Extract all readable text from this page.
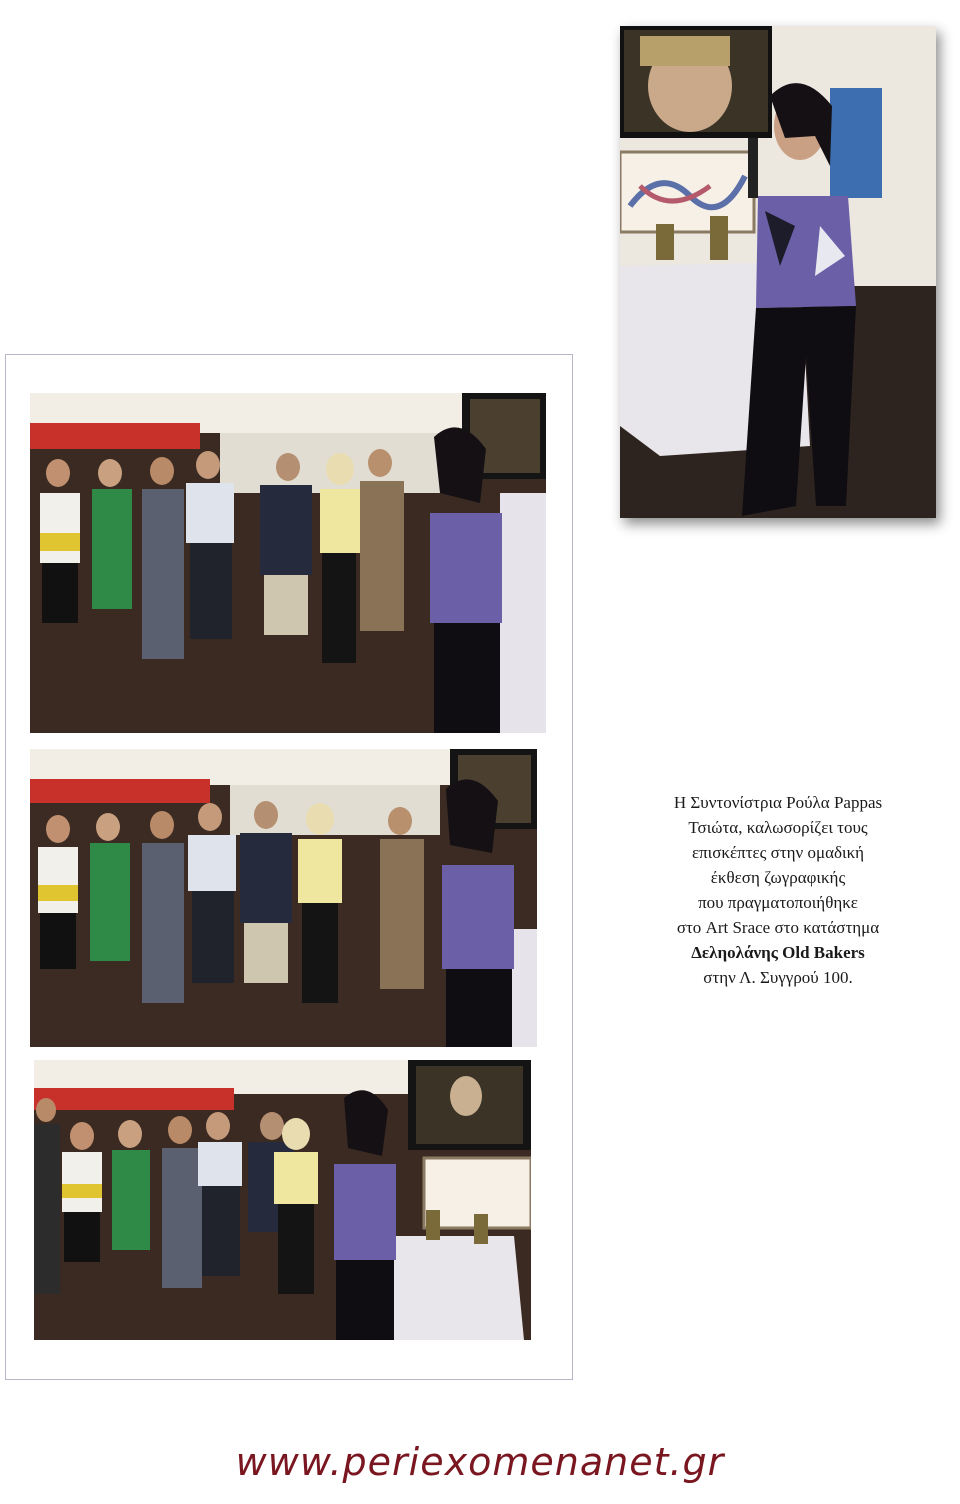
Η Συντονίστρια Ρούλα Pappas
Τσιώτα, καλωσορίζει τους
επισκέπτες στην ομαδική
έκθεση ζωγραφικής
που πραγματοποιήθηκε
στο Art Srace στο κατάστημα
Δεληολάνης Old Bakers
στην Λ. Συγγρού 100.
www.periexomenanet.gr
